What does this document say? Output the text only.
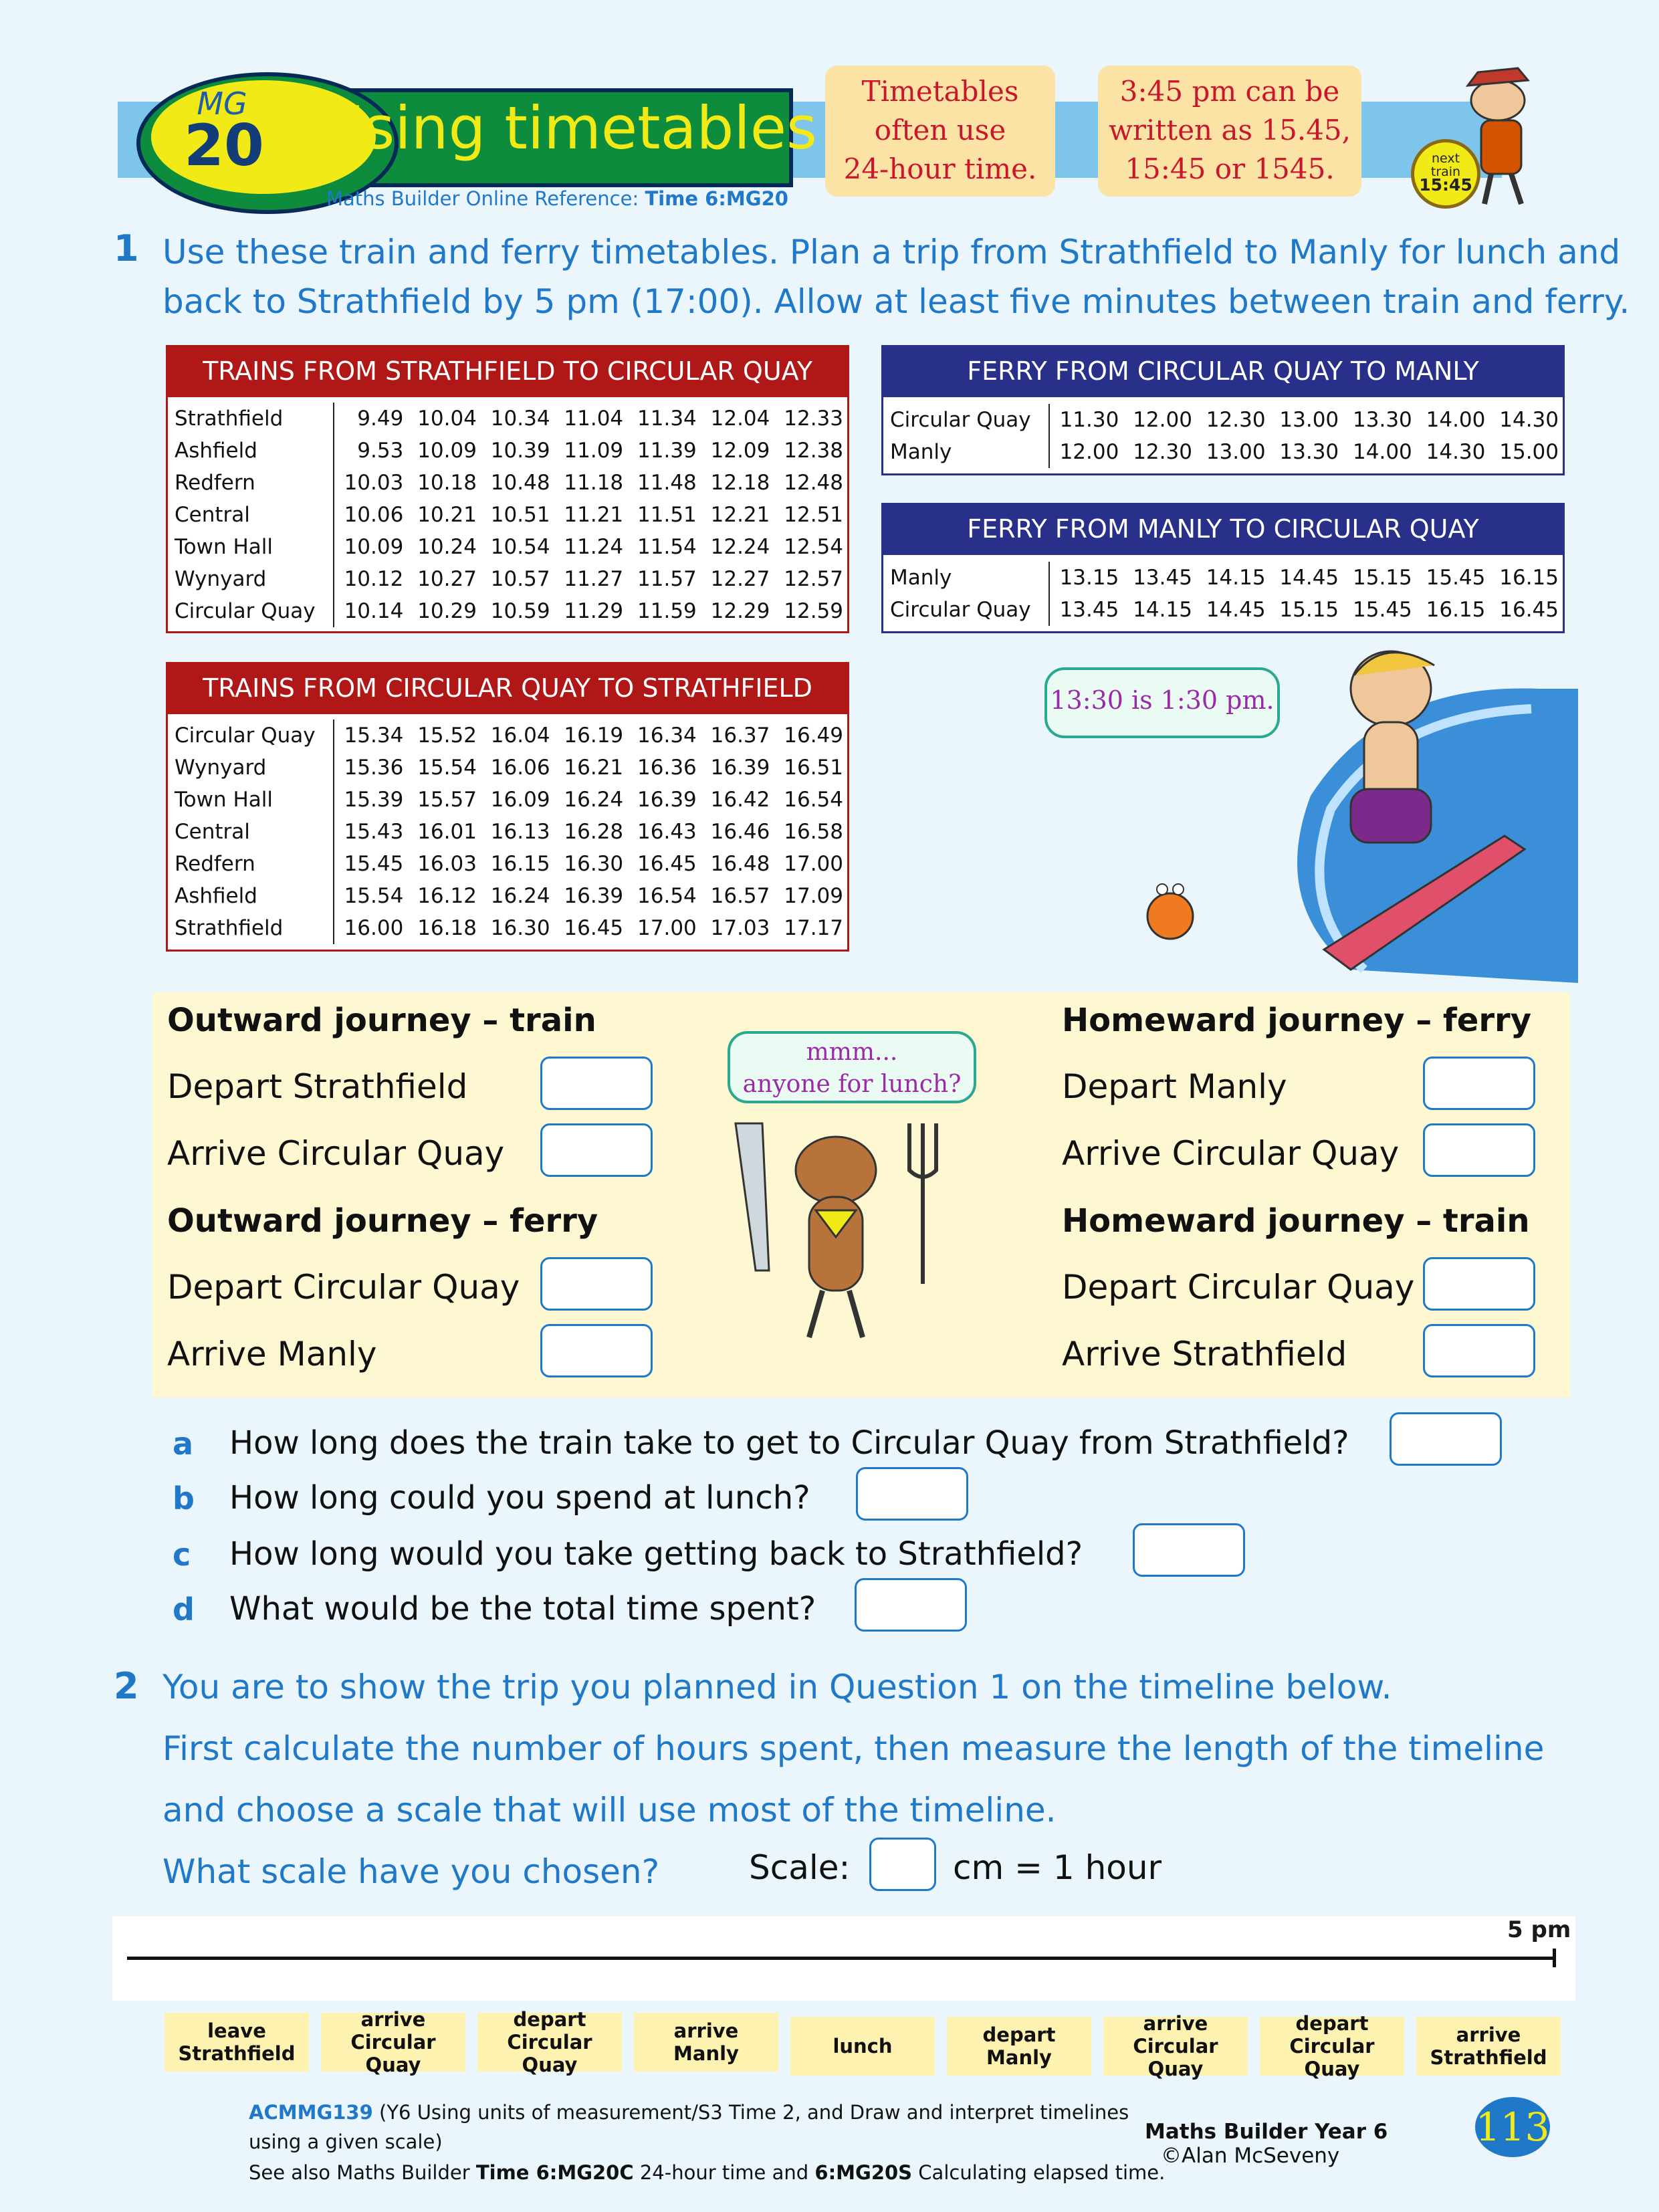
MG
20 Using timetables
Maths Builder Online Reference: Time 6:MG20
Timetables
often use
24-hour time.
3:45 pm can be
written as 15.45,
15:45 or 1545.	next
train
15:45
1 Use these train and ferry timetables. Plan a trip from Strathfield to Manly for lunch and
back to Strathfield by 5 pm (17:00). Allow at least five minutes between train and ferry.
TRAINS FROM STRATHFIELD TO CIRCULAR QUAY
Strathfield	9.49	10.04	10.34	11.04	11.34	12.04	12.33
Ashfield	9.53	10.09	10.39	11.09	11.39	12.09	12.38
Redfern	10.03	10.18	10.48	11.18	11.48	12.18	12.48
Central	10.06	10.21	10.51	11.21	11.51	12.21	12.51
Town Hall	10.09	10.24	10.54	11.24	11.54	12.24	12.54
Wynyard	10.12	10.27	10.57	11.27	11.57	12.27	12.57
Circular Quay	10.14	10.29	10.59	11.29	11.59	12.29	12.59
TRAINS FROM CIRCULAR QUAY TO STRATHFIELD
Circular Quay	15.34	15.52	16.04	16.19	16.34	16.37	16.49
Wynyard	15.36	15.54	16.06	16.21	16.36	16.39	16.51
Town Hall	15.39	15.57	16.09	16.24	16.39	16.42	16.54
Central	15.43	16.01	16.13	16.28	16.43	16.46	16.58
Redfern	15.45	16.03	16.15	16.30	16.45	16.48	17.00
Ashfield	15.54	16.12	16.24	16.39	16.54	16.57	17.09
Strathfield	16.00	16.18	16.30	16.45	17.00	17.03	17.17
FERRY FROM CIRCULAR QUAY TO MANLY
Circular Quay	11.30	12.00	12.30	13.00	13.30	14.00	14.30
Manly	12.00	12.30	13.00	13.30	14.00	14.30	15.00
FERRY FROM MANLY TO CIRCULAR QUAY
Manly	13.15	13.45	14.15	14.45	15.15	15.45	16.15
Circular Quay	13.45	14.15	14.45	15.15	15.45	16.15	16.45
13:30 is 1:30 pm.
Outward journey – train
Depart Strathfield
Arrive Circular Quay
Outward journey – ferry
Depart Circular Quay
Arrive Manly
Homeward journey – ferry
Depart Manly
Arrive Circular Quay
Homeward journey – train
Depart Circular Quay
Arrive Strathfield
mmm...
anyone for lunch?
a How long does the train take to get to Circular Quay from Strathfield?
b How long could you spend at lunch?
c How long would you take getting back to Strathfield?
d What would be the total time spent?
2 You are to show the trip you planned in Question 1 on the timeline below.
First calculate the number of hours spent, then measure the length of the timeline
and choose a scale that will use most of the timeline.
What scale have you chosen?	Scale:	cm = 1 hour
5 pm
leave
Strathfield
arrive
Circular Quay
depart
Circular Quay
arrive
Manly	lunch	depart
Manly
arrive
Circular Quay
depart
Circular Quay
arrive
Strathfield
ACMMG139 (Y6 Using units of measurement/S3 Time 2, and Draw and interpret timelines
using a given scale)
See also Maths Builder Time 6:MG20C 24-hour time and 6:MG20S Calculating elapsed time.
Maths Builder Year 6
©Alan McSeveny
113
